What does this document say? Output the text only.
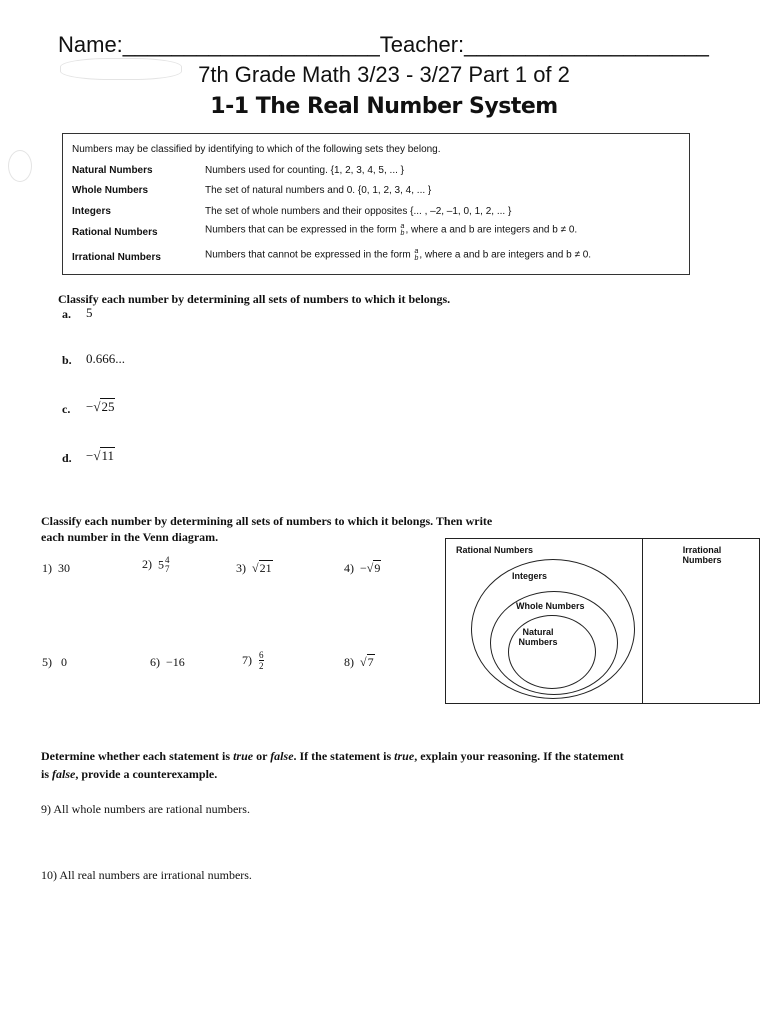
Name:_____________________Teacher:____________________
7th Grade Math 3/23 - 3/27 Part 1 of 2
1-1 The Real Number System
Numbers may be classified by identifying to which of the following sets they belong.
Natural Numbers	Numbers used for counting. {1, 2, 3, 4, 5, ... }
Whole Numbers	The set of natural numbers and 0. {0, 1, 2, 3, 4, ... }
Integers	The set of whole numbers and their opposites {... , –2, –1, 0, 1, 2, ... }
Rational Numbers	Numbers that can be expressed in the form a
b , where a and b are integers and b ≠ 0.
Irrational Numbers	Numbers that cannot be expressed in the form a
b , where a and b are integers and b ≠ 0.
Classify each number by determining all sets of numbers to which it belongs.
a. 5
b. 0.666...
c. −√25
d. −√11
Classify each number by determining all sets of numbers to which it belongs. Then write
each number in the Venn diagram.
1) 30	2) 5 4
7	3)  √21	4) −√9
5) 0	6) −16	$7) \frac{6}{2}$	8)  √7
Rational Numbers	Irrational
Numbers
Integers
Whole Numbers
Natural
Numbers
Determine whether each statement is true or false. If the statement is true, explain your reasoning. If the statement
is false, provide a counterexample.
9) All whole numbers are rational numbers.
10) All real numbers are irrational numbers.
